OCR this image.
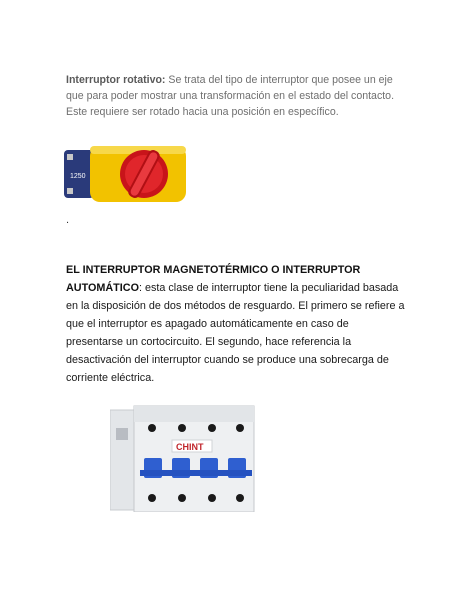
Interruptor rotativo: Se trata del tipo de interruptor que posee un eje que para poder mostrar una transformación en el estado del contacto. Este requiere ser rotado hacia una posición en específico.
1250
.
EL INTERRUPTOR MAGNETOTÉRMICO O INTERRUPTOR AUTOMÁTICO: esta clase de interruptor tiene la peculiaridad basada en la disposición de dos métodos de resguardo. El primero se refiere a que el interruptor es apagado automáticamente en caso de presentarse un cortocircuito. El segundo, hace referencia la desactivación del interruptor cuando se produce una sobrecarga de corriente eléctrica.
CHINT
